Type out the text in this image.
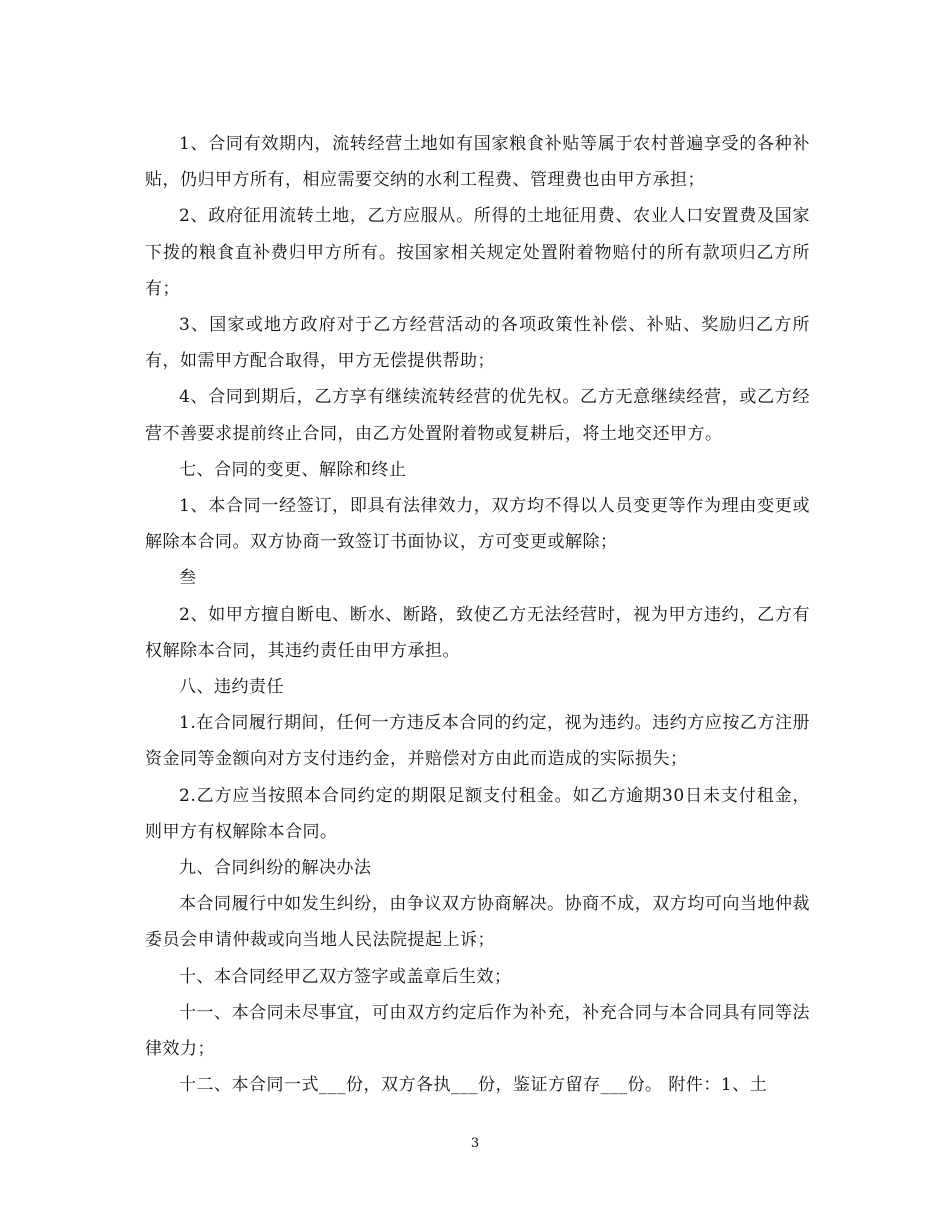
1、合同有效期内，流转经营土地如有国家粮食补贴等属于农村普遍享受的各种补贴，仍归甲方所有，相应需要交纳的水利工程费、管理费也由甲方承担；

2、政府征用流转土地，乙方应服从。所得的土地征用费、农业人口安置费及国家下拨的粮食直补费归甲方所有。按国家相关规定处置附着物赔付的所有款项归乙方所有；

3、国家或地方政府对于乙方经营活动的各项政策性补偿、补贴、奖励归乙方所有，如需甲方配合取得，甲方无偿提供帮助；

4、合同到期后，乙方享有继续流转经营的优先权。乙方无意继续经营，或乙方经营不善要求提前终止合同，由乙方处置附着物或复耕后，将土地交还甲方。

七、合同的变更、解除和终止

1、本合同一经签订，即具有法律效力，双方均不得以人员变更等作为理由变更或解除本合同。双方协商一致签订书面协议，方可变更或解除；

叁

2、如甲方擅自断电、断水、断路，致使乙方无法经营时，视为甲方违约，乙方有权解除本合同，其违约责任由甲方承担。

八、违约责任

1.在合同履行期间，任何一方违反本合同的约定，视为违约。违约方应按乙方注册资金同等金额向对方支付违约金，并赔偿对方由此而造成的实际损失；

2.乙方应当按照本合同约定的期限足额支付租金。如乙方逾期30日未支付租金，则甲方有权解除本合同。

九、合同纠纷的解决办法

本合同履行中如发生纠纷，由争议双方协商解决。协商不成，双方均可向当地仲裁委员会申请仲裁或向当地人民法院提起上诉；

十、本合同经甲乙双方签字或盖章后生效；

十一、本合同未尽事宜，可由双方约定后作为补充，补充合同与本合同具有同等法律效力；

十二、本合同一式___份，双方各执___份，鉴证方留存___份。 附件：1、土

3
